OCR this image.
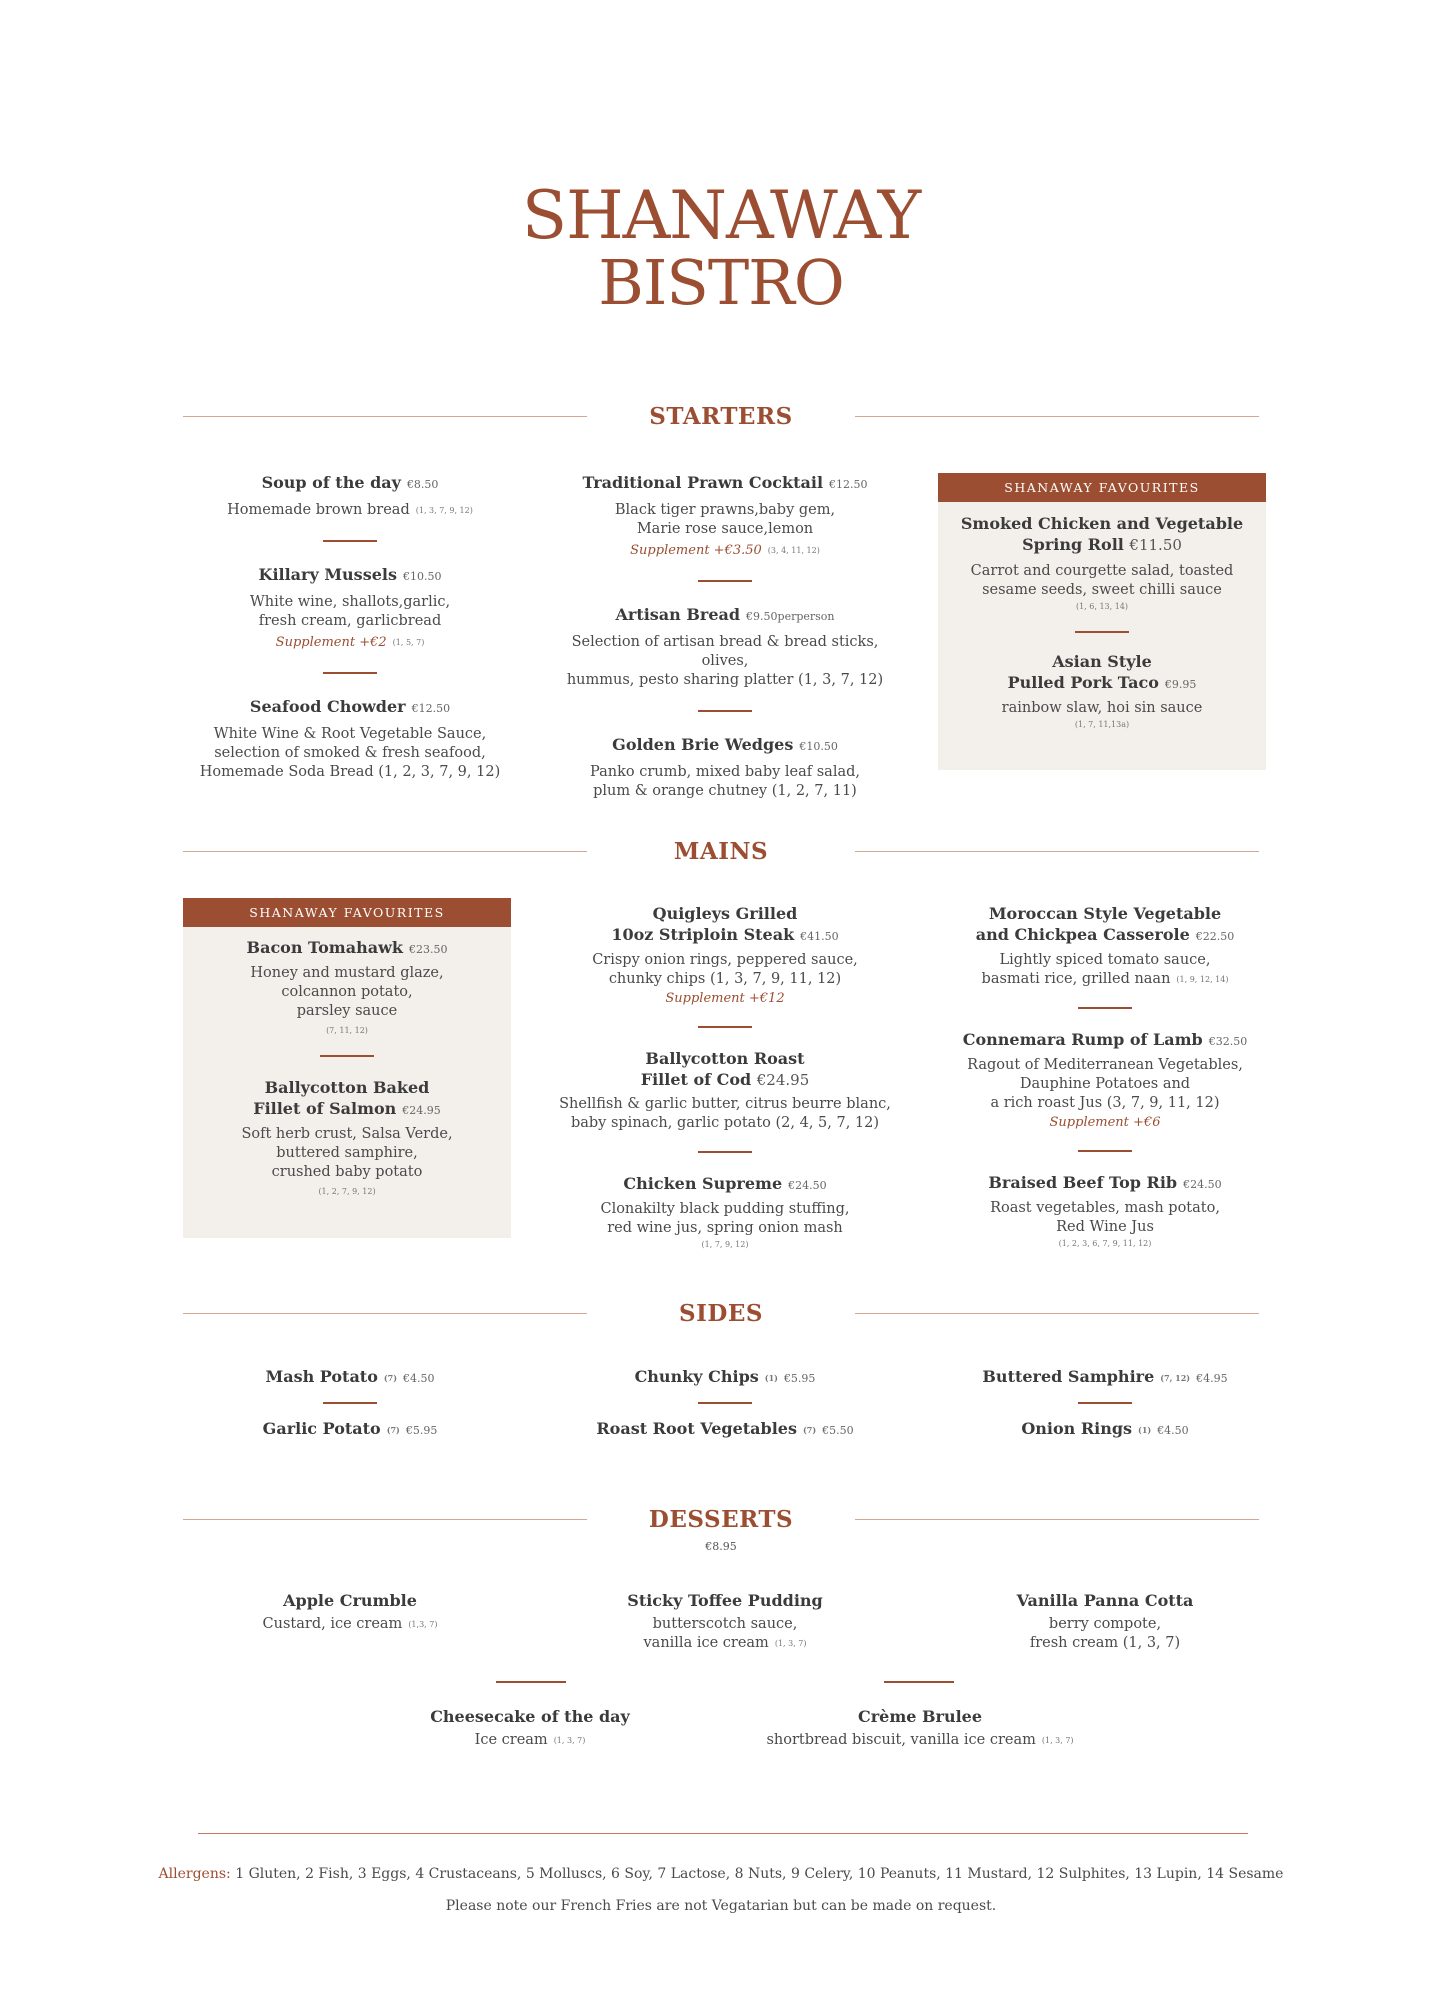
SHANAWAY
BISTRO
STARTERS
Soup of the day €8.50
Homemade brown bread (1, 3, 7, 9, 12)
Killary Mussels €10.50
White wine, shallots,garlic,
fresh cream, garlicbread
Supplement +€2 (1, 5, 7)
Seafood Chowder €12.50
White Wine & Root Vegetable Sauce,
selection of smoked & fresh seafood,
Homemade Soda Bread (1, 2, 3, 7, 9, 12)
Traditional Prawn Cocktail €12.50
Black tiger prawns,baby gem,
Marie rose sauce,lemon
Supplement +€3.50 (3, 4, 11, 12)
Artisan Bread €9.50perperson
Selection of artisan bread & bread sticks, olives,
hummus, pesto sharing platter (1, 3, 7, 12)
Golden Brie Wedges €10.50
Panko crumb, mixed baby leaf salad,
plum & orange chutney (1, 2, 7, 11)
SHANAWAY FAVOURITES
Smoked Chicken and Vegetable
Spring Roll €11.50
Carrot and courgette salad, toasted
sesame seeds, sweet chilli sauce
(1, 6, 13, 14)
Asian Style
Pulled Pork Taco €9.95
rainbow slaw, hoi sin sauce
(1, 7, 11,13a)
MAINS
SHANAWAY FAVOURITES
Bacon Tomahawk €23.50
Honey and mustard glaze,
colcannon potato,
parsley sauce
(7, 11, 12)
Ballycotton Baked
Fillet of Salmon €24.95
Soft herb crust, Salsa Verde,
buttered samphire,
crushed baby potato
(1, 2, 7, 9, 12)
Quigleys Grilled
10oz Striploin Steak €41.50
Crispy onion rings, peppered sauce,
chunky chips (1, 3, 7, 9, 11, 12)
Supplement +€12
Ballycotton Roast
Fillet of Cod €24.95
Shellfish & garlic butter, citrus beurre blanc,
baby spinach, garlic potato (2, 4, 5, 7, 12)
Chicken Supreme €24.50
Clonakilty black pudding stuffing,
red wine jus, spring onion mash
(1, 7, 9, 12)
Moroccan Style Vegetable
and Chickpea Casserole €22.50
Lightly spiced tomato sauce,
basmati rice, grilled naan (1, 9, 12, 14)
Connemara Rump of Lamb €32.50
Ragout of Mediterranean Vegetables,
Dauphine Potatoes and
a rich roast Jus (3, 7, 9, 11, 12)
Supplement +€6
Braised Beef Top Rib €24.50
Roast vegetables, mash potato,
Red Wine Jus
(1, 2, 3, 6, 7, 9, 11, 12)
SIDES
Mash Potato (7) €4.50
Garlic Potato (7) €5.95
Chunky Chips (1) €5.95
Roast Root Vegetables (7) €5.50
Buttered Samphire (7, 12) €4.95
Onion Rings (1) €4.50
DESSERTS
€8.95
Apple Crumble
Custard, ice cream (1,3, 7)
Sticky Toffee Pudding
butterscotch sauce,
vanilla ice cream (1, 3, 7)
Vanilla Panna Cotta
berry compote,
fresh cream (1, 3, 7)
Cheesecake of the day
Ice cream (1, 3, 7)
Crème Brulee
shortbread biscuit, vanilla ice cream (1, 3, 7)
Allergens: 1 Gluten, 2 Fish, 3 Eggs, 4 Crustaceans, 5 Molluscs, 6 Soy, 7 Lactose, 8 Nuts, 9 Celery, 10 Peanuts, 11 Mustard, 12 Sulphites, 13 Lupin, 14 Sesame
Please note our French Fries are not Vegatarian but can be made on request.
